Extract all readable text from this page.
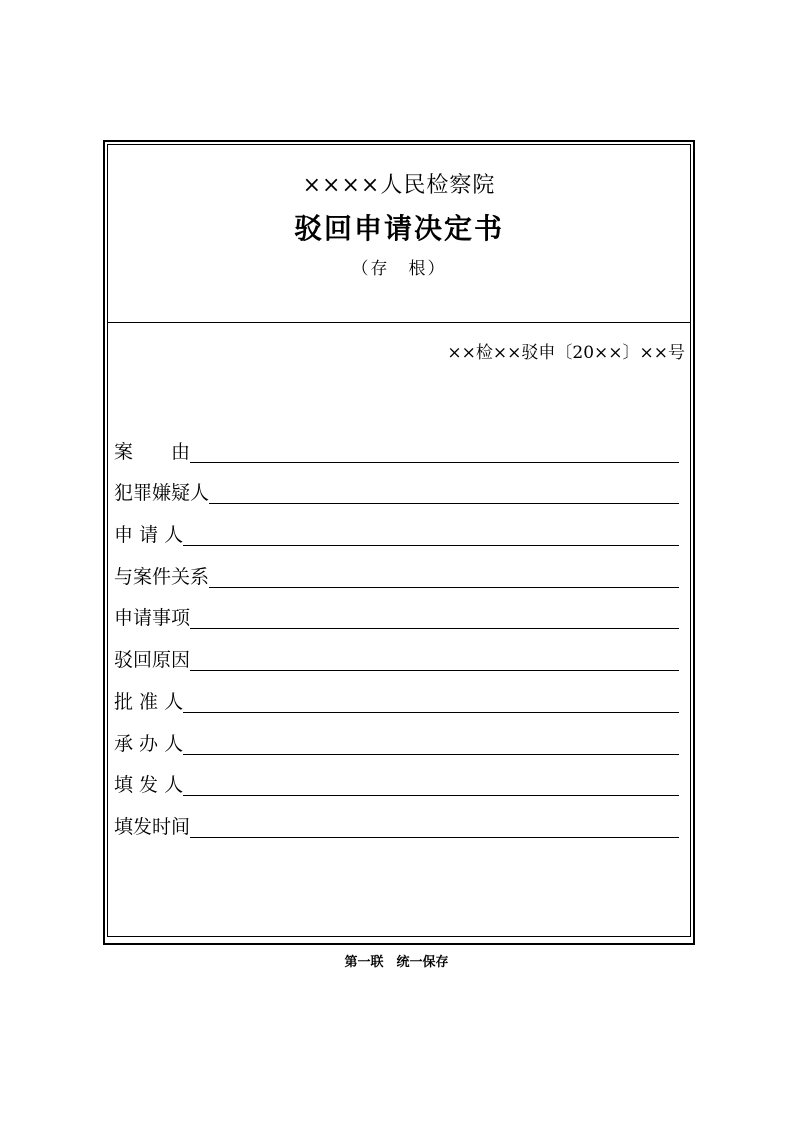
××××人民检察院
驳回申请决定书
（存　根）
××检××驳申〔20××〕××号
案　　由
犯罪嫌疑人
申 请 人
与案件关系
申请事项
驳回原因
批 准 人
承 办 人
填 发 人
填发时间
第一联　统一保存
